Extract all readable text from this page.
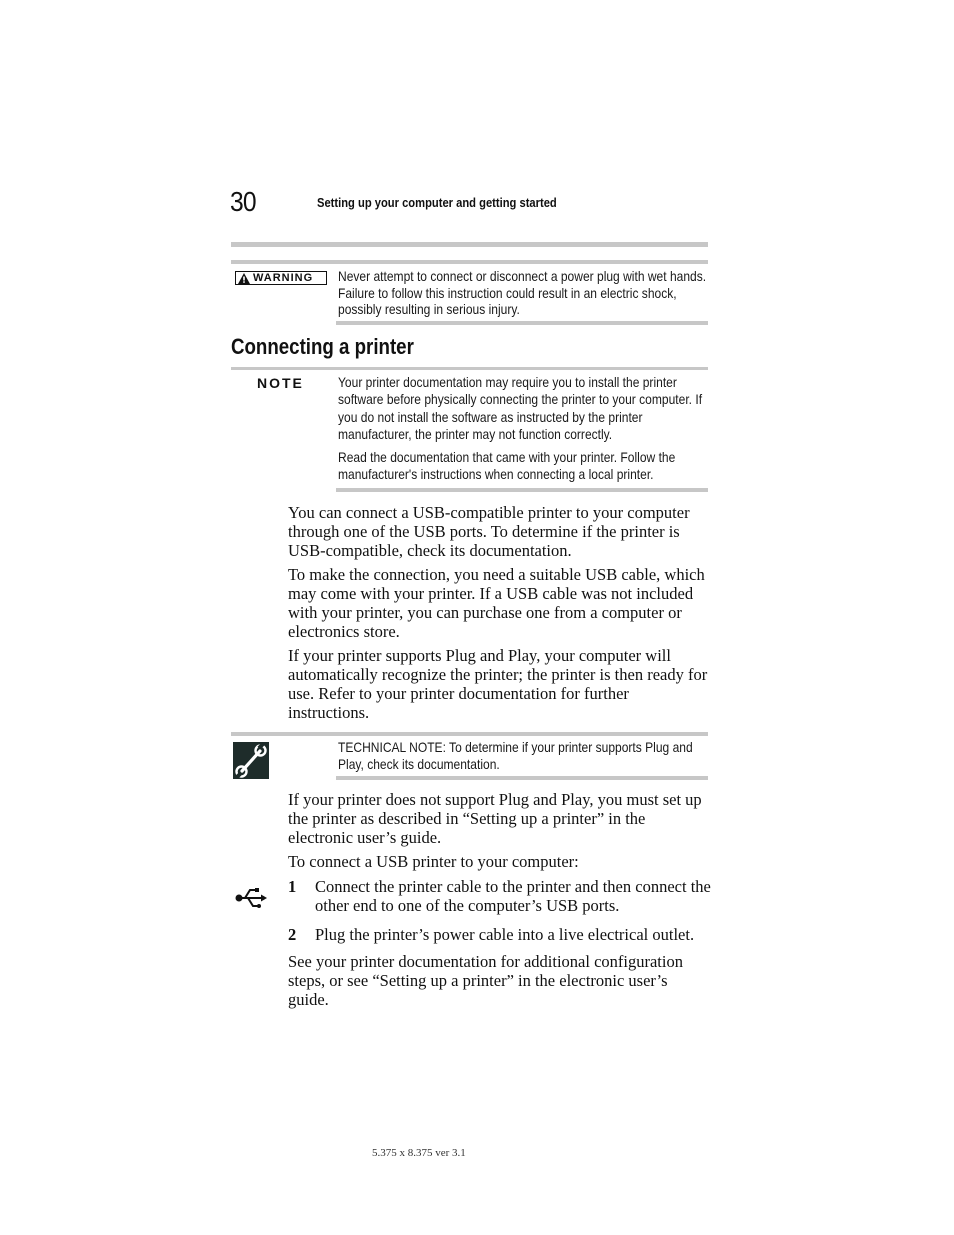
30	Setting up your computer and getting started
WARNING Never attempt to connect or disconnect a power plug with wet hands. Failure to follow this instruction could result in an electric shock, possibly resulting in serious injury.
Connecting a printer
NOTE Your printer documentation may require you to install the printer software before physically connecting the printer to your computer. If you do not install the software as instructed by the printer manufacturer, the printer may not function correctly.
Read the documentation that came with your printer. Follow the manufacturer's instructions when connecting a local printer.
You can connect a USB-compatible printer to your computer through one of the USB ports. To determine if the printer is USB-compatible, check its documentation.
To make the connection, you need a suitable USB cable, which may come with your printer. If a USB cable was not included with your printer, you can purchase one from a computer or electronics store.
If your printer supports Plug and Play, your computer will automatically recognize the printer; the printer is then ready for use. Refer to your printer documentation for further instructions.
TECHNICAL NOTE: To determine if your printer supports Plug and Play, check its documentation.
If your printer does not support Plug and Play, you must set up the printer as described in “Setting up a printer” in the electronic user’s guide.
To connect a USB printer to your computer:
1 Connect the printer cable to the printer and then connect the other end to one of the computer’s USB ports.
2 Plug the printer’s power cable into a live electrical outlet.
See your printer documentation for additional configuration steps, or see “Setting up a printer” in the electronic user’s guide.
5.375 x 8.375 ver 3.1
